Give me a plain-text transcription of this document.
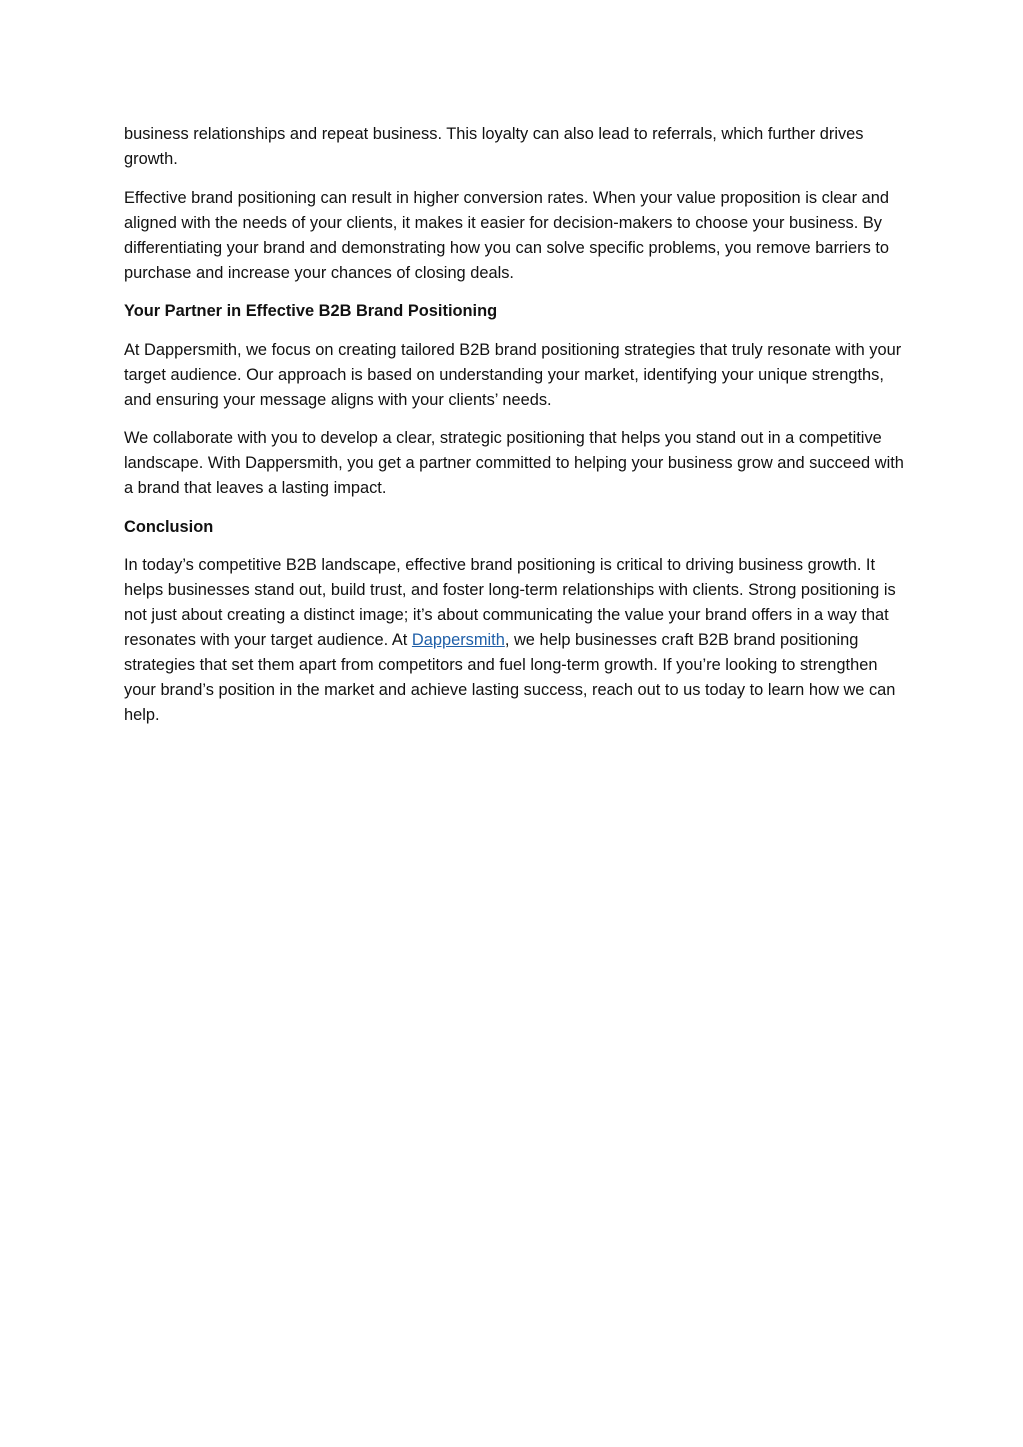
business relationships and repeat business. This loyalty can also lead to referrals, which further drives growth.

Effective brand positioning can result in higher conversion rates. When your value proposition is clear and aligned with the needs of your clients, it makes it easier for decision-makers to choose your business. By differentiating your brand and demonstrating how you can solve specific problems, you remove barriers to purchase and increase your chances of closing deals.

Your Partner in Effective B2B Brand Positioning

At Dappersmith, we focus on creating tailored B2B brand positioning strategies that truly resonate with your target audience. Our approach is based on understanding your market, identifying your unique strengths, and ensuring your message aligns with your clients’ needs.

We collaborate with you to develop a clear, strategic positioning that helps you stand out in a competitive landscape. With Dappersmith, you get a partner committed to helping your business grow and succeed with a brand that leaves a lasting impact.

Conclusion

In today’s competitive B2B landscape, effective brand positioning is critical to driving business growth. It helps businesses stand out, build trust, and foster long-term relationships with clients. Strong positioning is not just about creating a distinct image; it’s about communicating the value your brand offers in a way that resonates with your target audience. At Dappersmith, we help businesses craft B2B brand positioning strategies that set them apart from competitors and fuel long-term growth. If you’re looking to strengthen your brand’s position in the market and achieve lasting success, reach out to us today to learn how we can help.
